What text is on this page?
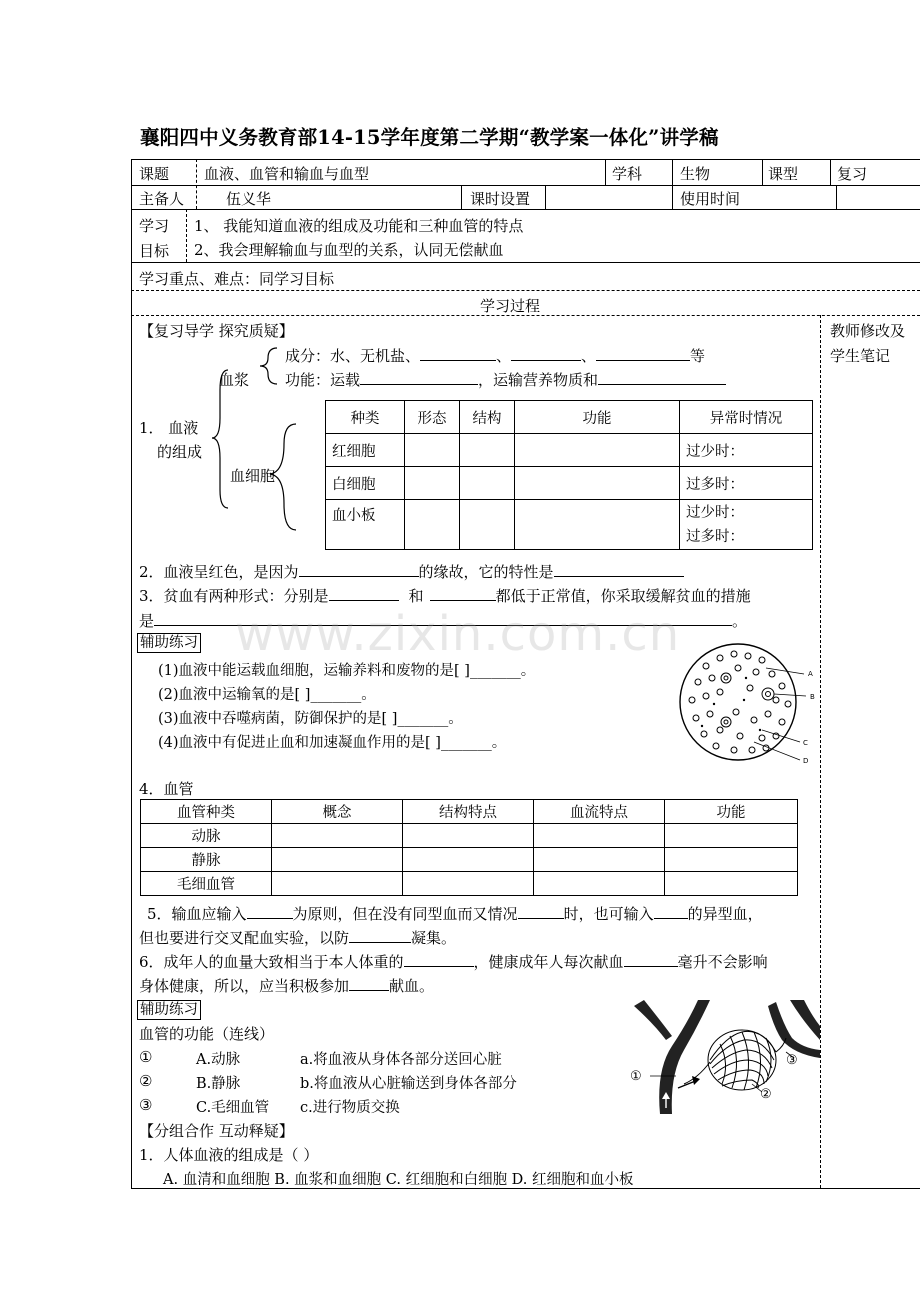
襄阳四中义务教育部14-15学年度第二学期“教学案一体化”讲学稿
课题 血液、血管和输血与血型	学科	生物	课型	复习
主备人	伍义华	课时设置	使用时间
学习
目标
1、 我能知道血液的组成及功能和三种血管的特点
2、我会理解输血与血型的关系，认同无偿献血
学习重点、难点：同学习目标
学习过程
教师修改及
学生笔记
【复习导学 探究质疑】
血浆
成分：水、无机盐、	、	、	等
功能：运载	，运输营养物质和
1． 血液
的组成
血细胞
种类	形态	结构	功能	异常时情况
红细胞				过少时：
白细胞				过多时：
血小板				过少时：
过多时：
2．血液呈红色，是因为	的缘故，它的特性是
3．贫血有两种形式：分别是	和	都低于正常值，你采取缓解贫血的措施
是	。
www.zixin.com.cn
辅助练习
(1)血液中能运载血细胞，运输养料和废物的是[ ]_______。
(2)血液中运输氧的是[ ]_______。
(3)血液中吞噬病菌，防御保护的是[ ]_______。
(4)血液中有促进止血和加速凝血作用的是[ ]_______。
A
B
C
D
4．血管
血管种类	概念	结构特点	血流特点	功能
动脉				
静脉				
毛细血管				
5．输血应输入	为原则，但在没有同型血而又情况	时，也可输入 的异型血，
但也要进行交叉配血实验，以防	凝集。
6．成年人的血量大致相当于本人体重的	，健康成年人每次献血	毫升不会影响
身体健康，所以，应当积极参加	献血。
辅助练习
血管的功能（连线）
①	A.动脉	a.将血液从身体各部分送回心脏
②	B.静脉	b.将血液从心脏输送到身体各部分
③	C.毛细血管 c.进行物质交换
①
②
③
【分组合作 互动释疑】
1．人体血液的组成是（ ）
A. 血清和血细胞 B. 血浆和血细胞 C. 红细胞和白细胞 D. 红细胞和血小板
